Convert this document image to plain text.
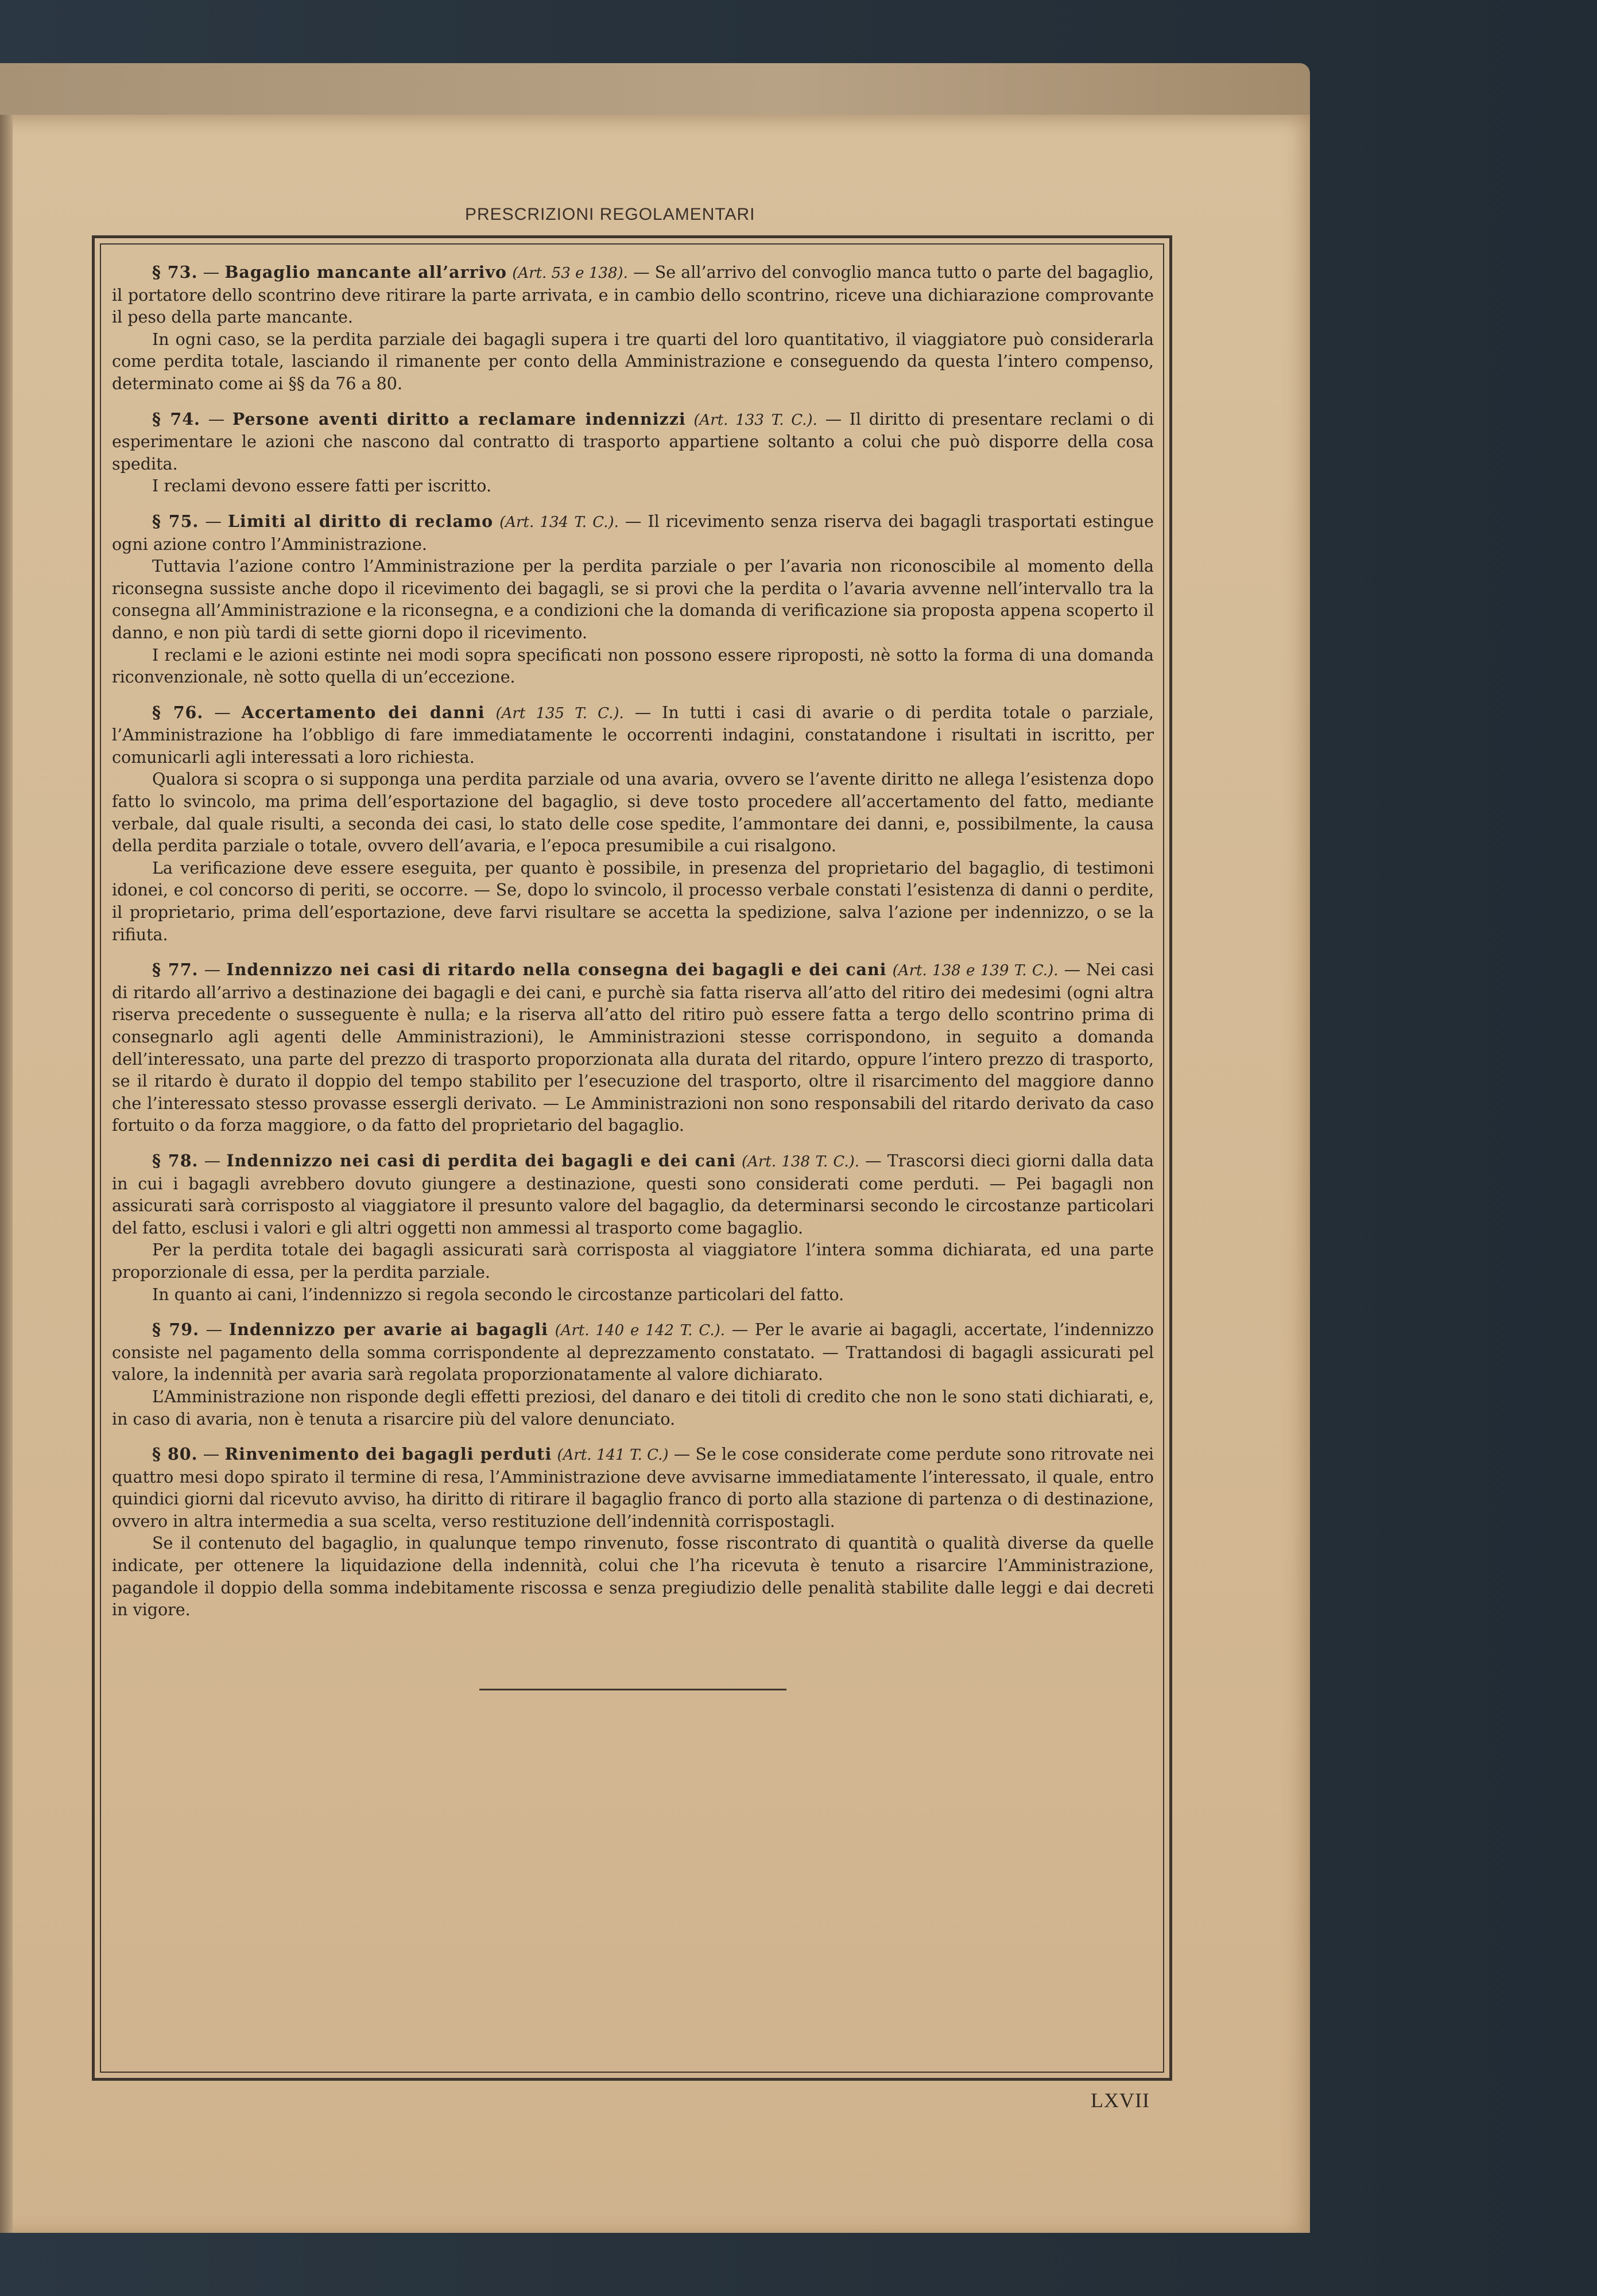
PRESCRIZIONI REGOLAMENTARI

§ 73. — Bagaglio mancante all’arrivo (Art. 53 e 138). — Se all’arrivo del convoglio manca tutto o parte del bagaglio, il portatore dello scontrino deve ritirare la parte arrivata, e in cambio dello scontrino, riceve una dichiarazione comprovante il peso della parte mancante.

In ogni caso, se la perdita parziale dei bagagli supera i tre quarti del loro quantitativo, il viaggiatore può considerarla come perdita totale, lasciando il rimanente per conto della Amministrazione e conseguendo da questa l’intero compenso, determinato come ai §§ da 76 a 80.

§ 74. — Persone aventi diritto a reclamare indennizzi (Art. 133 T. C.). — Il diritto di presentare reclami o di esperimentare le azioni che nascono dal contratto di trasporto appartiene soltanto a colui che può disporre della cosa spedita.

I reclami devono essere fatti per iscritto.

§ 75. — Limiti al diritto di reclamo (Art. 134 T. C.). — Il ricevimento senza riserva dei bagagli trasportati estingue ogni azione contro l’Amministrazione.

Tuttavia l’azione contro l’Amministrazione per la perdita parziale o per l’avaria non riconoscibile al momento della riconsegna sussiste anche dopo il ricevimento dei bagagli, se si provi che la perdita o l’avaria avvenne nell’intervallo tra la consegna all’Amministrazione e la riconsegna, e a condizioni che la domanda di verificazione sia proposta appena scoperto il danno, e non più tardi di sette giorni dopo il ricevimento.

I reclami e le azioni estinte nei modi sopra specificati non possono essere riproposti, nè sotto la forma di una domanda riconvenzionale, nè sotto quella di un’eccezione.

§ 76. — Accertamento dei danni (Art 135 T. C.). — In tutti i casi di avarie o di perdita totale o parziale, l’Amministrazione ha l’obbligo di fare immediatamente le occorrenti indagini, constatandone i risultati in iscritto, per comunicarli agli interessati a loro richiesta.

Qualora si scopra o si supponga una perdita parziale od una avaria, ovvero se l’avente diritto ne allega l’esistenza dopo fatto lo svincolo, ma prima dell’esportazione del bagaglio, si deve tosto procedere all’accertamento del fatto, mediante verbale, dal quale risulti, a seconda dei casi, lo stato delle cose spedite, l’ammontare dei danni, e, possibilmente, la causa della perdita parziale o totale, ovvero dell’avaria, e l’epoca presumibile a cui risalgono.

La verificazione deve essere eseguita, per quanto è possibile, in presenza del proprietario del bagaglio, di testimoni idonei, e col concorso di periti, se occorre. — Se, dopo lo svincolo, il processo verbale constati l’esistenza di danni o perdite, il proprietario, prima dell’esportazione, deve farvi risultare se accetta la spedizione, salva l’azione per indennizzo, o se la rifiuta.

§ 77. — Indennizzo nei casi di ritardo nella consegna dei bagagli e dei cani (Art. 138 e 139 T. C.). — Nei casi di ritardo all’arrivo a destinazione dei bagagli e dei cani, e purchè sia fatta riserva all’atto del ritiro dei medesimi (ogni altra riserva precedente o susseguente è nulla; e la riserva all’atto del ritiro può essere fatta a tergo dello scontrino prima di consegnarlo agli agenti delle Amministrazioni), le Amministrazioni stesse corrispondono, in seguito a domanda dell’interessato, una parte del prezzo di trasporto proporzionata alla durata del ritardo, oppure l’intero prezzo di trasporto, se il ritardo è durato il doppio del tempo stabilito per l’esecuzione del trasporto, oltre il risarcimento del maggiore danno che l’interessato stesso provasse essergli derivato. — Le Amministrazioni non sono responsabili del ritardo derivato da caso fortuito o da forza maggiore, o da fatto del proprietario del bagaglio.

§ 78. — Indennizzo nei casi di perdita dei bagagli e dei cani (Art. 138 T. C.). — Trascorsi dieci giorni dalla data in cui i bagagli avrebbero dovuto giungere a destinazione, questi sono considerati come perduti. — Pei bagagli non assicurati sarà corrisposto al viaggiatore il presunto valore del bagaglio, da determinarsi secondo le circostanze particolari del fatto, esclusi i valori e gli altri oggetti non ammessi al trasporto come bagaglio.

Per la perdita totale dei bagagli assicurati sarà corrisposta al viaggiatore l’intera somma dichiarata, ed una parte proporzionale di essa, per la perdita parziale.

In quanto ai cani, l’indennizzo si regola secondo le circostanze particolari del fatto.

§ 79. — Indennizzo per avarie ai bagagli (Art. 140 e 142 T. C.). — Per le avarie ai bagagli, accertate, l’indennizzo consiste nel pagamento della somma corrispondente al deprezzamento constatato. — Trattandosi di bagagli assicurati pel valore, la indennità per avaria sarà regolata proporzionatamente al valore dichiarato.

L’Amministrazione non risponde degli effetti preziosi, del danaro e dei titoli di credito che non le sono stati dichiarati, e, in caso di avaria, non è tenuta a risarcire più del valore denunciato.

§ 80. — Rinvenimento dei bagagli perduti (Art. 141 T. C.) — Se le cose considerate come perdute sono ritrovate nei quattro mesi dopo spirato il termine di resa, l’Amministrazione deve avvisarne immediatamente l’interessato, il quale, entro quindici giorni dal ricevuto avviso, ha diritto di ritirare il bagaglio franco di porto alla stazione di partenza o di destinazione, ovvero in altra intermedia a sua scelta, verso restituzione dell’indennità corrispostagli.

Se il contenuto del bagaglio, in qualunque tempo rinvenuto, fosse riscontrato di quantità o qualità diverse da quelle indicate, per ottenere la liquidazione della indennità, colui che l’ha ricevuta è tenuto a risarcire l’Amministrazione, pagandole il doppio della somma indebitamente riscossa e senza pregiudizio delle penalità stabilite dalle leggi e dai decreti in vigore.

LXVII
